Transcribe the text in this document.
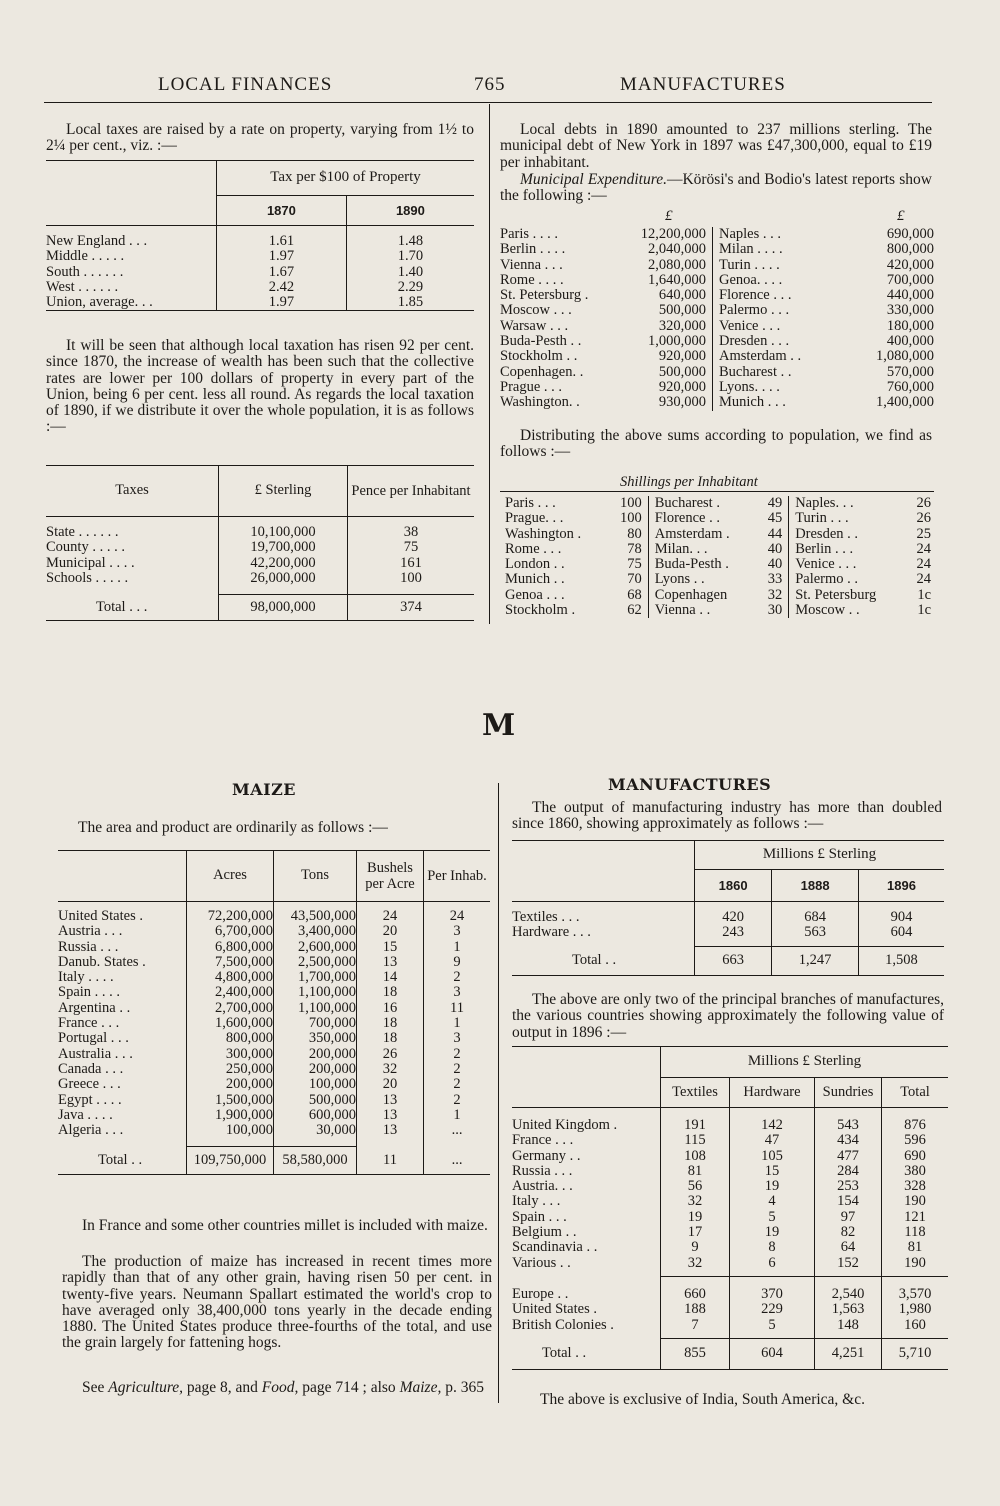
LOCAL FINANCES	765	MANUFACTURES
Local taxes are raised by a rate on property, varying from 1½ to 2¼ per cent., viz. :—
	Tax per $100 of Property	
	1870	1890

New England . . .	1.61	1.48
Middle . . . . .	1.97	1.70
South . . . . . .	1.67	1.40
West . . . . . .	2.42	2.29
Union, average. . .	1.97	1.85
It will be seen that although local taxation has risen 92 per cent. since 1870, the increase of wealth has been such that the collective rates are lower per 100 dollars of property in every part of the Union, being 6 per cent. less all round. As regards the local taxation of 1890, if we distribute it over the whole population, it is as follows :—
Taxes	£ Sterling	Pence per Inhabitant

State . . . . . .	10,100,000	38
County . . . . .	19,700,000	75
Municipal . . . .	42,200,000	161
Schools . . . . .	26,000,000	100

Total . . .	98,000,000	374
Local debts in 1890 amounted to 237 millions sterling. The municipal debt of New York in 1897 was £47,300,000, equal to £19 per inhabitant.
Municipal Expenditure.—Körösi's and Bodio's latest reports show the following :—
£	£
Paris . . . .	12,200,000	Naples . . .	690,000
Berlin . . . .	2,040,000	Milan . . . .	800,000
Vienna . . .	2,080,000	Turin . . . .	420,000
Rome . . . .	1,640,000	Genoa. . . .	700,000
St. Petersburg .	640,000	Florence . . .	440,000
Moscow . . .	500,000	Palermo . . .	330,000
Warsaw . . .	320,000	Venice . . .	180,000
Buda-Pesth . .	1,000,000	Dresden . . .	400,000
Stockholm . .	920,000	Amsterdam . .	1,080,000
Copenhagen. .	500,000	Bucharest . .	570,000
Prague . . .	920,000	Lyons. . . .	760,000
Washington. .	930,000	Munich . . .	1,400,000
Distributing the above sums according to population, we find as follows :—
Shillings per Inhabitant
Paris . . .	100	Bucharest .	49	Naples. . .	26
Prague. . .	100	Florence . .	45	Turin . . .	26
Washington .	80	Amsterdam .	44	Dresden . .	25
Rome . . .	78	Milan. . .	40	Berlin . . .	24
London . .	75	Buda-Pesth .	40	Venice . . .	24
Munich . .	70	Lyons . .	33	Palermo . .	24
Genoa . . .	68	Copenhagen	32	St. Petersburg	1c
Stockholm .	62	Vienna . .	30	Moscow . .	1c
M
MAIZE
The area and product are ordinarily as follows :—
	Acres	Tons	Bushels per Acre	Per Inhab.

United States .	72,200,000	43,500,000	24	24
Austria . . .	6,700,000	3,400,000	20	3
Russia . . .	6,800,000	2,600,000	15	1
Danub. States .	7,500,000	2,500,000	13	9
Italy . . . .	4,800,000	1,700,000	14	2
Spain . . . .	2,400,000	1,100,000	18	3
Argentina . .	2,700,000	1,100,000	16	11
France . . .	1,600,000	700,000	18	1
Portugal . . .	800,000	350,000	18	3
Australia . . .	300,000	200,000	26	2
Canada . . .	250,000	200,000	32	2
Greece . . .	200,000	100,000	20	2
Egypt . . . .	1,500,000	500,000	13	2
Java . . . .	1,900,000	600,000	13	1
Algeria . . .	100,000	30,000	13	...

Total . .	109,750,000	58,580,000	11	...
In France and some other countries millet is included with maize.
The production of maize has increased in recent times more rapidly than that of any other grain, having risen 50 per cent. in twenty-five years. Neumann Spallart estimated the world's crop to have averaged only 38,400,000 tons yearly in the decade ending 1880. The United States produce three-fourths of the total, and use the grain largely for fattening hogs.
See Agriculture, page 8, and Food, page 714 ; also Maize, p. 365
MANUFACTURES
The output of manufacturing industry has more than doubled since 1860, showing approximately as follows :—
	Millions £ Sterling		
	1860	1888	1896

Textiles . . .	420	684	904
Hardware . . .	243	563	604

Total . .	663	1,247	1,508
The above are only two of the principal branches of manufactures, the various countries showing approximately the following value of output in 1896 :—
	Millions £ Sterling			
	Textiles	Hardware	Sundries	Total

United Kingdom .	191	142	543	876
France . . .	115	47	434	596
Germany . .	108	105	477	690
Russia . . .	81	15	284	380
Austria. . .	56	19	253	328
Italy . . .	32	4	154	190
Spain . . .	19	5	97	121
Belgium . .	17	19	82	118
Scandinavia . .	9	8	64	81
Various . .	32	6	152	190

Europe . .	660	370	2,540	3,570
United States .	188	229	1,563	1,980
British Colonies .	7	5	148	160

Total . .	855	604	4,251	5,710
The above is exclusive of India, South America, &c.
